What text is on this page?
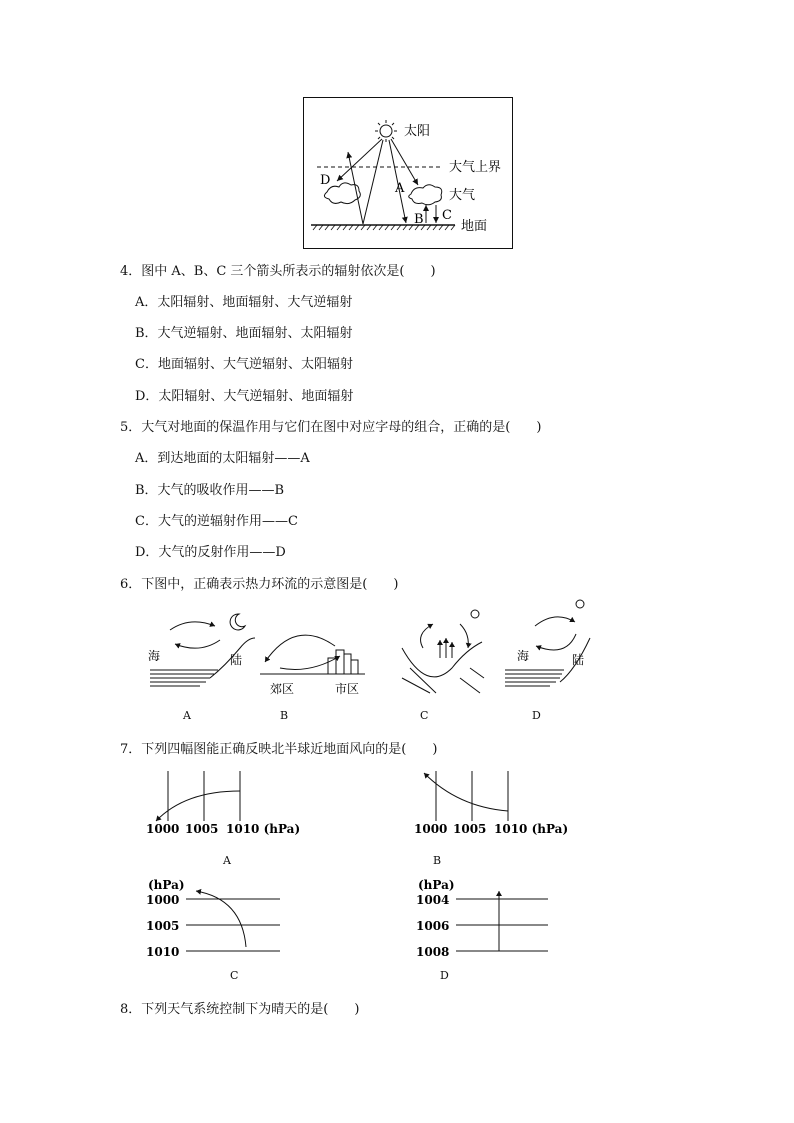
太阳
大气上界
大气
地面
A
B C
D
4．图中 A、B、C 三个箭头所表示的辐射依次是(　　)
A．太阳辐射、地面辐射、大气逆辐射
B．大气逆辐射、地面辐射、太阳辐射
C．地面辐射、大气逆辐射、太阳辐射
D．太阳辐射、大气逆辐射、地面辐射
5．大气对地面的保温作用与它们在图中对应字母的组合，正确的是(　　)
A．到达地面的太阳辐射——A
B．大气的吸收作用——B
C．大气的逆辐射作用——C
D．大气的反射作用——D
6．下图中，正确表示热力环流的示意图是(　　)
海	陆
郊区	市区
海	陆
A	B	C	D
7．下列四幅图能正确反映北半球近地面风向的是(　　)
1000 1005 1010 (hPa)	1000 1005 1010 (hPa)
(hPa)
1000
1005
1010
(hPa)
1004
1006
1008
A	B
C	D
8．下列天气系统控制下为晴天的是(　　)
